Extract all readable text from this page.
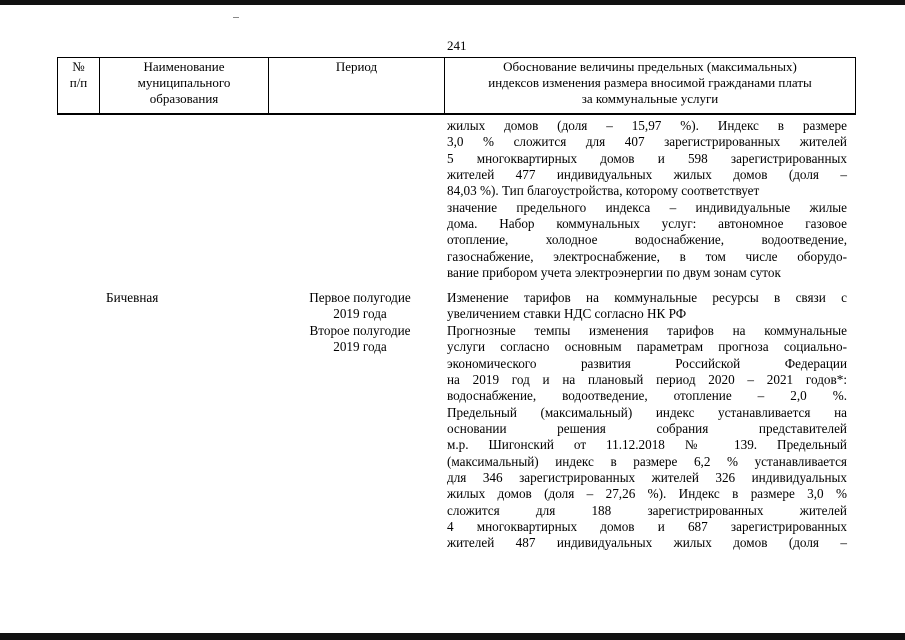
241
№
п/п
Наименование
муниципального
образования
Период	Обоснование величины предельных (максимальных)
индексов изменения размера вносимой гражданами платы
за коммунальные услуги
жилых домов (доля – 15,97 %). Индекс в размере
3,0 % сложится для 407 зарегистрированных жителей
5 многоквартирных домов и 598 зарегистрированных
жителей 477 индивидуальных жилых домов (доля –
84,03 %). Тип благоустройства, которому соответствует
значение предельного индекса – индивидуальные жилые
дома. Набор коммунальных услуг: автономное газовое
отопление, холодное водоснабжение, водоотведение,
газоснабжение, электроснабжение, в том числе оборудо-
вание прибором учета электроэнергии по двум зонам суток
Бичевная	Первое полугодие
2019 года
Второе полугодие
2019 года
Изменение тарифов на коммунальные ресурсы в связи с
увеличением ставки НДС согласно НК РФ
Прогнозные темпы изменения тарифов на коммунальные
услуги согласно основным параметрам прогноза социально-
экономического развития Российской Федерации
на 2019 год и на плановый период 2020 – 2021 годов*:
водоснабжение, водоотведение, отопление – 2,0 %.
Предельный (максимальный) индекс устанавливается на
основании решения собрания представителей
м.р. Шигонский от 11.12.2018 № 139. Предельный
(максимальный) индекс в размере 6,2 % устанавливается
для 346 зарегистрированных жителей 326 индивидуальных
жилых домов (доля – 27,26 %). Индекс в размере 3,0 %
сложится для 188 зарегистрированных жителей
4 многоквартирных домов и 687 зарегистрированных
жителей 487 индивидуальных жилых домов (доля –
